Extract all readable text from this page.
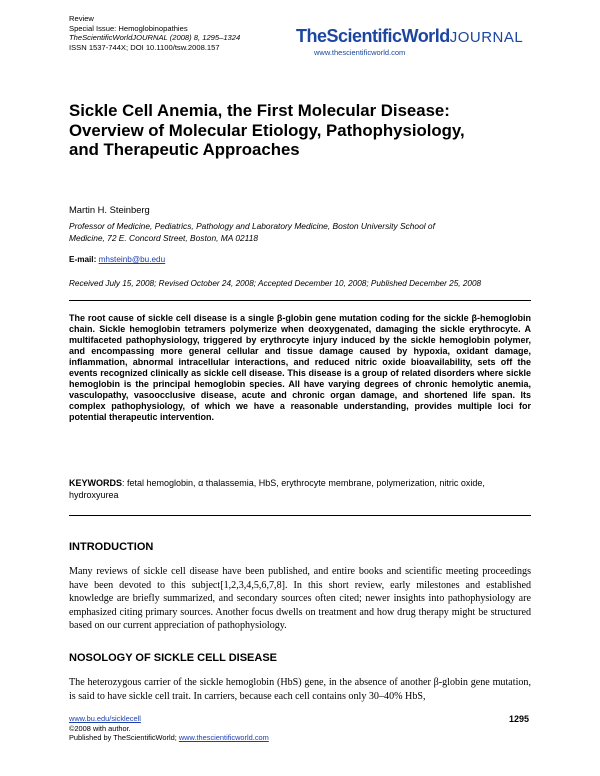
Review
Special Issue: Hemoglobinopathies
TheScientificWorldJOURNAL (2008) 8, 1295–1324
ISSN 1537-744X; DOI 10.1100/tsw.2008.157
TheScientificWorldJOURNAL
www.thescientificworld.com
Sickle Cell Anemia, the First Molecular Disease: Overview of Molecular Etiology, Pathophysiology, and Therapeutic Approaches
Martin H. Steinberg
Professor of Medicine, Pediatrics, Pathology and Laboratory Medicine, Boston University School of Medicine, 72 E. Concord Street, Boston, MA 02118
E-mail: mhsteinb@bu.edu
Received July 15, 2008; Revised October 24, 2008; Accepted December 10, 2008; Published December 25, 2008
The root cause of sickle cell disease is a single β-globin gene mutation coding for the sickle β-hemoglobin chain. Sickle hemoglobin tetramers polymerize when deoxygenated, damaging the sickle erythrocyte. A multifaceted pathophysiology, triggered by erythrocyte injury induced by the sickle hemoglobin polymer, and encompassing more general cellular and tissue damage caused by hypoxia, oxidant damage, inflammation, abnormal intracellular interactions, and reduced nitric oxide bioavailability, sets off the events recognized clinically as sickle cell disease. This disease is a group of related disorders where sickle hemoglobin is the principal hemoglobin species. All have varying degrees of chronic hemolytic anemia, vasculopathy, vasoocclusive disease, acute and chronic organ damage, and shortened life span. Its complex pathophysiology, of which we have a reasonable understanding, provides multiple loci for potential therapeutic intervention.
KEYWORDS: fetal hemoglobin, α thalassemia, HbS, erythrocyte membrane, polymerization, nitric oxide, hydroxyurea
INTRODUCTION
Many reviews of sickle cell disease have been published, and entire books and scientific meeting proceedings have been devoted to this subject[1,2,3,4,5,6,7,8]. In this short review, early milestones and established knowledge are briefly summarized, and secondary sources often cited; newer insights into pathophysiology are emphasized citing primary sources. Another focus dwells on treatment and how drug therapy might be structured based on our current appreciation of pathophysiology.
NOSOLOGY OF SICKLE CELL DISEASE
The heterozygous carrier of the sickle hemoglobin (HbS) gene, in the absence of another β-globin gene mutation, is said to have sickle cell trait. In carriers, because each cell contains only 30–40% HbS,
www.bu.edu/sicklecell
©2008 with author.
Published by TheScientificWorld; www.thescientificworld.com
1295
